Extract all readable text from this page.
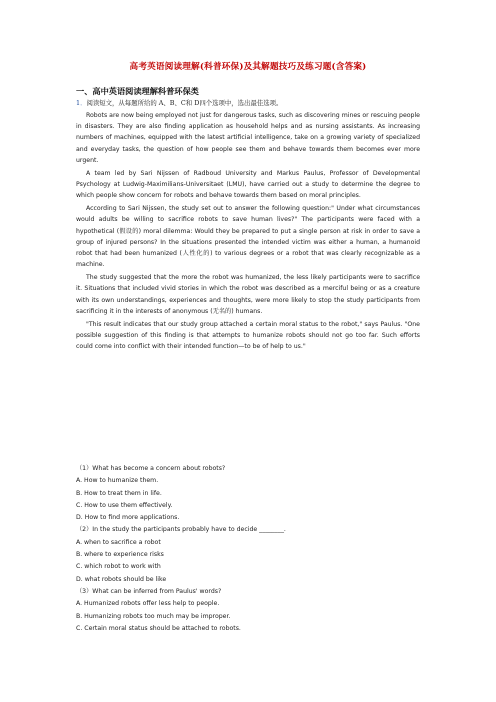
高考英语阅读理解(科普环保)及其解题技巧及练习题(含答案)
一、高中英语阅读理解科普环保类
1．阅读短文，从每题所给的 A、B、C和 D四个选项中，选出最佳选项。

Robots are now being employed not just for dangerous tasks, such as discovering mines or rescuing people in disasters. They are also finding application as household helps and as nursing assistants. As increasing numbers of machines, equipped with the latest artificial intelligence, take on a growing variety of specialized and everyday tasks, the question of how people see them and behave towards them becomes ever more urgent.

A team led by Sari Nijssen of Radboud University and Markus Paulus, Professor of Developmental Psychology at Ludwig-Maximilians-Universitaet (LMU), have carried out a study to determine the degree to which people show concern for robots and behave towards them based on moral principles.

According to Sari Nijssen, the study set out to answer the following question:" Under what circumstances would adults be willing to sacrifice robots to save human lives?" The participants were faced with a hypothetical (假设的) moral dilemma: Would they be prepared to put a single person at risk in order to save a group of injured persons? In the situations presented the intended victim was either a human, a humanoid robot that had been humanized (人性化的) to various degrees or a robot that was clearly recognizable as a machine.

The study suggested that the more the robot was humanized, the less likely participants were to sacrifice it. Situations that included vivid stories in which the robot was described as a merciful being or as a creature with its own understandings, experiences and thoughts, were more likely to stop the study participants from sacrificing it in the interests of anonymous (无名的) humans.

"This result indicates that our study group attached a certain moral status to the robot," says Paulus. "One possible suggestion of this finding is that attempts to humanize robots should not go too far. Such efforts could come into conflict with their intended function—to be of help to us."

（1）What has become a concern about robots?
A. How to humanize them.
B. How to treat them in life.
C. How to use them effectively.
D. How to find more applications.
（2）In the study the participants probably have to decide ________.
A. when to sacrifice a robot
B. where to experience risks
C. which robot to work with
D. what robots should be like
（3）What can be inferred from Paulus' words?
A. Humanized robots offer less help to people.
B. Humanizing robots too much may be improper.
C. Certain moral status should be attached to robots.
